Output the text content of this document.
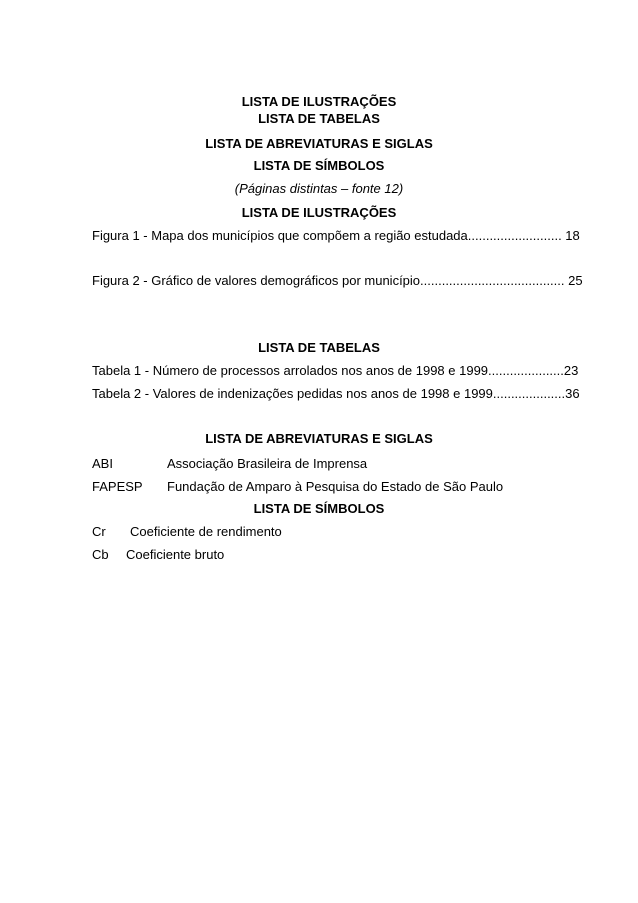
LISTA DE ILUSTRAÇÕES
LISTA DE TABELAS
LISTA DE ABREVIATURAS E SIGLAS
LISTA DE SÍMBOLOS
(Páginas distintas – fonte 12)
LISTA DE ILUSTRAÇÕES
Figura 1 - Mapa dos municípios que compõem a região estudada.......................... 18
Figura 2 - Gráfico de valores demográficos por município........................................ 25
LISTA DE TABELAS
Tabela 1 - Número de processos arrolados nos anos de 1998 e 1999.....................23
Tabela 2 - Valores de indenizações pedidas nos anos de 1998 e 1999....................36
LISTA DE ABREVIATURAS E SIGLAS
ABI	Associação Brasileira de Imprensa
FAPESP Fundação de Amparo à Pesquisa do Estado de São Paulo
LISTA DE SÍMBOLOS
Cr Coeficiente de rendimento
Cb Coeficiente bruto
